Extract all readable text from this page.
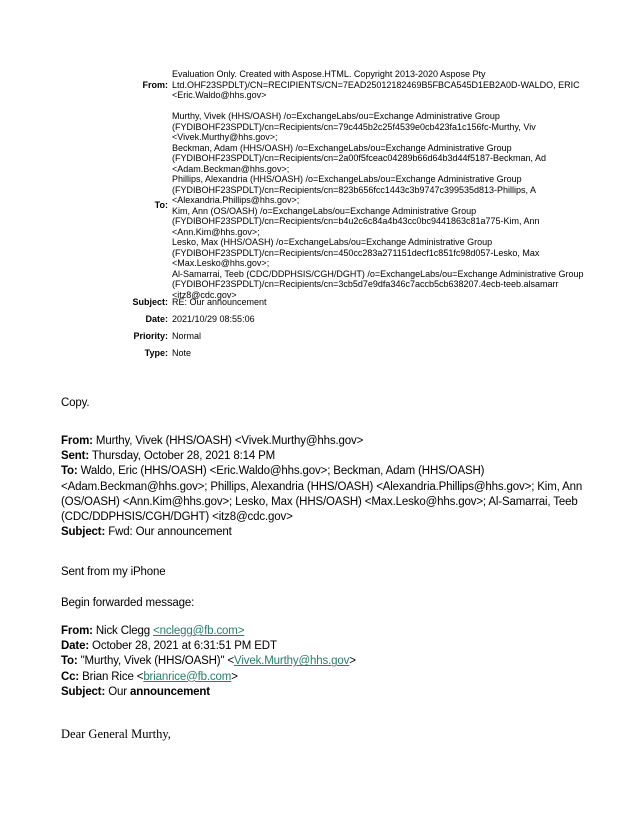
From:
Evaluation Only. Created with Aspose.HTML. Copyright 2013-2020 Aspose Pty
Ltd.OHF23SPDLT)/CN=RECIPIENTS/CN=7EAD25012182469B5FBCA545D1EB2A0D-WALDO, ERIC
<Eric.Waldo@hhs.gov>
To:
Murthy, Vivek (HHS/OASH) /o=ExchangeLabs/ou=Exchange Administrative Group
(FYDIBOHF23SPDLT)/cn=Recipients/cn=79c445b2c25f4539e0cb423fa1c156fc-Murthy, Viv
<Vivek.Murthy@hhs.gov>;
Beckman, Adam (HHS/OASH) /o=ExchangeLabs/ou=Exchange Administrative Group
(FYDIBOHF23SPDLT)/cn=Recipients/cn=2a00f5fceac04289b66d64b3d44f5187-Beckman, Ad
<Adam.Beckman@hhs.gov>;
Phillips, Alexandria (HHS/OASH) /o=ExchangeLabs/ou=Exchange Administrative Group
(FYDIBOHF23SPDLT)/cn=Recipients/cn=823b656fcc1443c3b9747c399535d813-Phillips, A
<Alexandria.Phillips@hhs.gov>;
Kim, Ann (OS/OASH) /o=ExchangeLabs/ou=Exchange Administrative Group
(FYDIBOHF23SPDLT)/cn=Recipients/cn=b4u2c6c84a4b43cc0bc9441863c81a775-Kim, Ann
<Ann.Kim@hhs.gov>;
Lesko, Max (HHS/OASH) /o=ExchangeLabs/ou=Exchange Administrative Group
(FYDIBOHF23SPDLT)/cn=Recipients/cn=450cc283a271151decf1c851fc98d057-Lesko, Max
<Max.Lesko@hhs.gov>;
Al-Samarrai, Teeb (CDC/DDPHSIS/CGH/DGHT) /o=ExchangeLabs/ou=Exchange Administrative Group
(FYDIBOHF23SPDLT)/cn=Recipients/cn=3cb5d7e9dfa346c7accb5cb638207.4ecb-teeb.alsamarr
<itz8@cdc.gov>
Subject: RE: Our announcement
Date: 2021/10/29 08:55:06
Priority: Normal
Type: Note
Copy.
From: Murthy, Vivek (HHS/OASH) <Vivek.Murthy@hhs.gov>
Sent: Thursday, October 28, 2021 8:14 PM
To: Waldo, Eric (HHS/OASH) <Eric.Waldo@hhs.gov>; Beckman, Adam (HHS/OASH)
<Adam.Beckman@hhs.gov>; Phillips, Alexandria (HHS/OASH) <Alexandria.Phillips@hhs.gov>; Kim, Ann
(OS/OASH) <Ann.Kim@hhs.gov>; Lesko, Max (HHS/OASH) <Max.Lesko@hhs.gov>; Al-Samarrai, Teeb
(CDC/DDPHSIS/CGH/DGHT) <itz8@cdc.gov>
Subject: Fwd: Our announcement
Sent from my iPhone
Begin forwarded message:
From: Nick Clegg <nclegg@fb.com>
Date: October 28, 2021 at 6:31:51 PM EDT
To: "Murthy, Vivek (HHS/OASH)" <Vivek.Murthy@hhs.gov>
Cc: Brian Rice <brianrice@fb.com>
Subject: Our announcement
Dear General Murthy,
